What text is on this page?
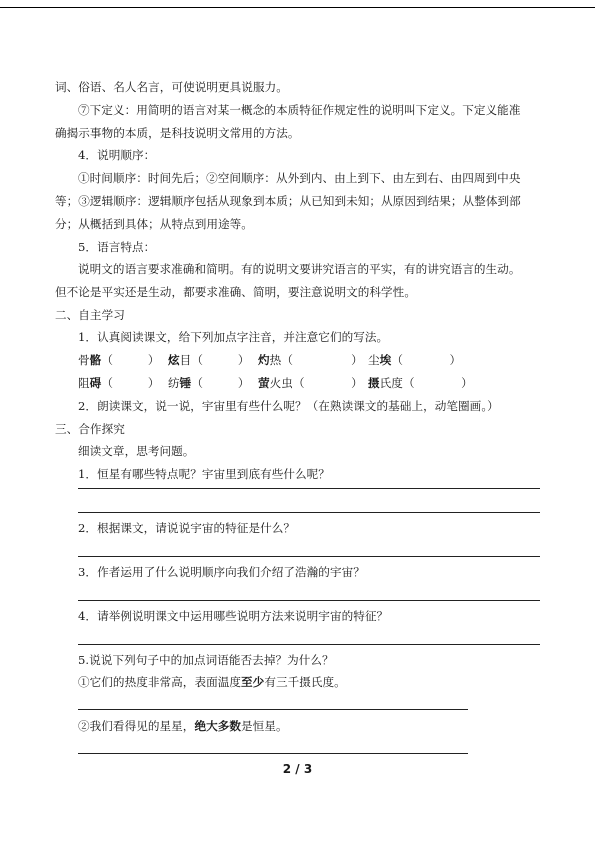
词、俗语、名人名言，可使说明更具说服力。
⑦下定义：用简明的语言对某一概念的本质特征作规定性的说明叫下定义。下定义能准
确揭示事物的本质，是科技说明文常用的方法。
4．说明顺序：
①时间顺序：时间先后；②空间顺序：从外到内、由上到下、由左到右、由四周到中央
等；③逻辑顺序：逻辑顺序包括从现象到本质；从已知到未知；从原因到结果；从整体到部
分；从概括到具体；从特点到用途等。
5．语言特点：
说明文的语言要求准确和简明。有的说明文要讲究语言的平实，有的讲究语言的生动。
但不论是平实还是生动，都要求准确、简明，要注意说明文的科学性。
二、自主学习
1．认真阅读课文，给下列加点字注音，并注意它们的写法。
骨骼（　　　） 炫目（　　　） 灼热（　　　　　） 尘埃（　　　　）
阻碍（　　　） 纺锤（　　　） 萤火虫（　　　　） 摄氏度（　　　　）
2．朗读课文，说一说，宇宙里有些什么呢？（在熟读课文的基础上，动笔圈画。）
三、合作探究
细读文章，思考问题。
1．恒星有哪些特点呢？宇宙里到底有些什么呢？
2．根据课文，请说说宇宙的特征是什么？
3．作者运用了什么说明顺序向我们介绍了浩瀚的宇宙？
4．请举例说明课文中运用哪些说明方法来说明宇宙的特征？
5.说说下列句子中的加点词语能否去掉？为什么？
①它们的热度非常高，表面温度至少有三千摄氏度。
②我们看得见的星星，绝大多数是恒星。
2 / 3
